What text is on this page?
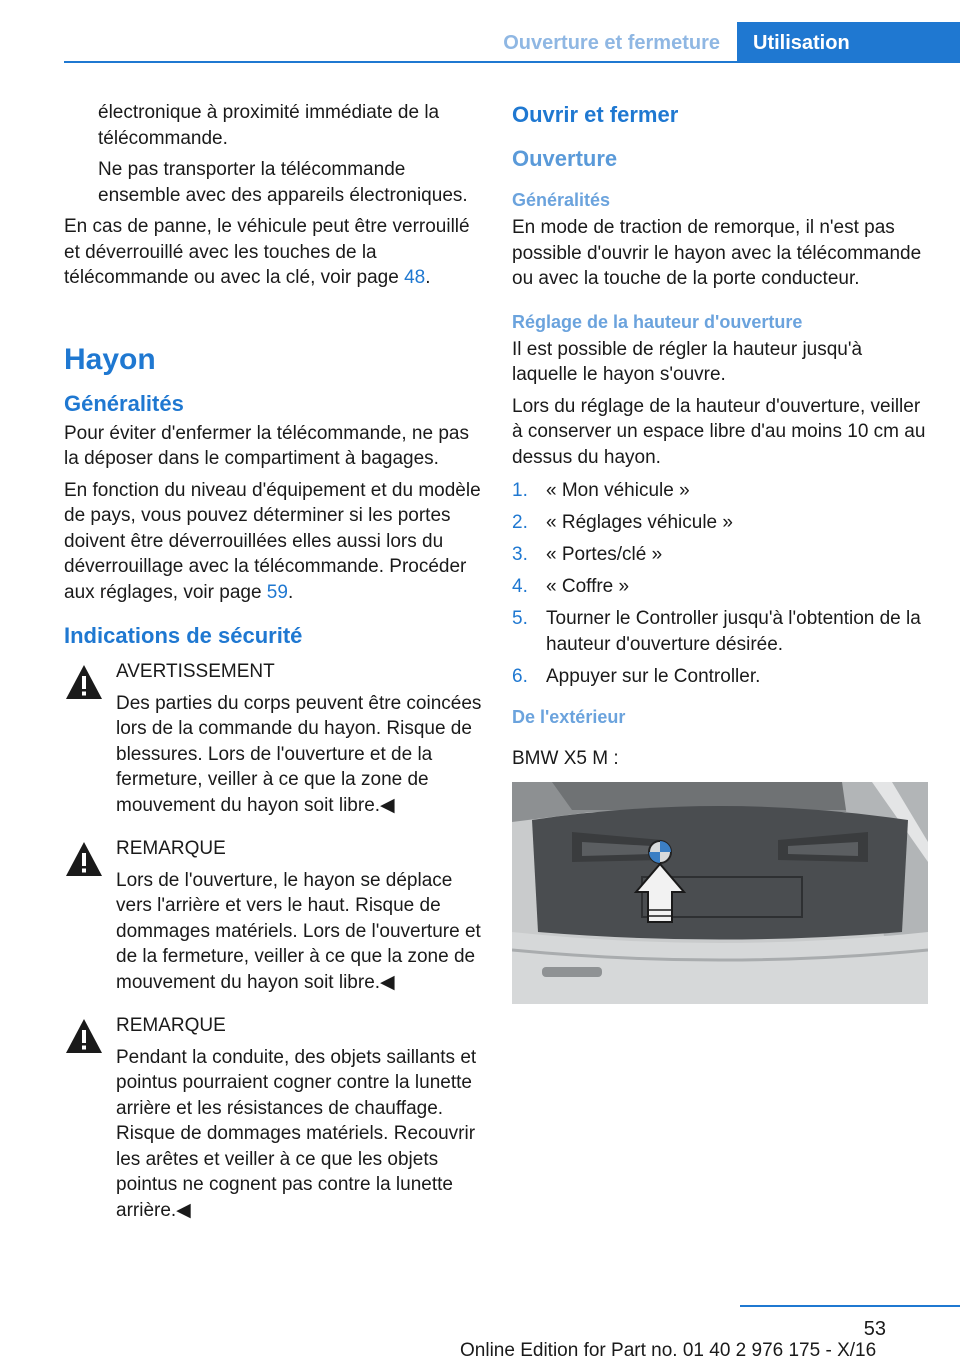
Ouverture et fermeture	Utilisation

électronique à proximité immédiate de la télécommande.

Ne pas transporter la télécommande ensemble avec des appareils électroniques.

En cas de panne, le véhicule peut être verrouillé et déverrouillé avec les touches de la télécommande ou avec la clé, voir page 48.

Hayon
Généralités

Pour éviter d'enfermer la télécommande, ne pas la déposer dans le compartiment à bagages.

En fonction du niveau d'équipement et du modèle de pays, vous pouvez déterminer si les portes doivent être déverrouillées elles aussi lors du déverrouillage avec la télécommande. Procéder aux réglages, voir page 59.

Indications de sécurité
AVERTISSEMENT
Des parties du corps peuvent être coincées lors de la commande du hayon. Risque de blessures. Lors de l'ouverture et de la fermeture, veiller à ce que la zone de mouvement du hayon soit libre.◀
REMARQUE
Lors de l'ouverture, le hayon se déplace vers l'arrière et vers le haut. Risque de dommages matériels. Lors de l'ouverture et de la fermeture, veiller à ce que la zone de mouvement du hayon soit libre.◀
REMARQUE
Pendant la conduite, des objets saillants et pointus pourraient cogner contre la lunette arrière et les résistances de chauffage. Risque de dommages matériels. Recouvrir les arêtes et veiller à ce que les objets pointus ne cognent pas contre la lunette arrière.◀
Ouvrir et fermer
Ouverture
Généralités

En mode de traction de remorque, il n'est pas possible d'ouvrir le hayon avec la télécommande ou avec la touche de la porte conducteur.

Réglage de la hauteur d'ouverture

Il est possible de régler la hauteur jusqu'à laquelle le hayon s'ouvre.

Lors du réglage de la hauteur d'ouverture, veiller à conserver un espace libre d'au moins 10 cm au dessus du hayon.

1. « Mon véhicule »
2. « Réglages véhicule »
3. « Portes/clé »
4. « Coffre »
5. Tourner le Controller jusqu'à l'obtention de la hauteur d'ouverture désirée.
6. Appuyer sur le Controller.
De l'extérieur

BMW X5 M :

53
Online Edition for Part no. 01 40 2 976 175 - X/16
